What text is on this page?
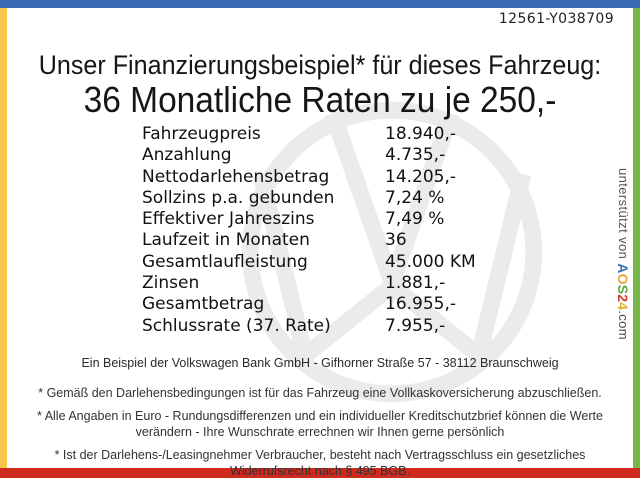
12561-Y038709
Unser Finanzierungsbeispiel* für dieses Fahrzeug:
36 Monatliche Raten zu je 250,-
Fahrzeugpreis	18.940,-
Anzahlung	4.735,-
Nettodarlehensbetrag	14.205,-
Sollzins p.a. gebunden	7,24 %
Effektiver Jahreszins	7,49 %
Laufzeit in Monaten	36
Gesamtlaufleistung	45.000 KM
Zinsen	1.881,-
Gesamtbetrag	16.955,-
Schlussrate (37. Rate)	7.955,-

Ein Beispiel der Volkswagen Bank GmbH - Gifhorner Straße 57 - 38112 Braunschweig

* Gemäß den Darlehensbedingungen ist für das Fahrzeug eine Vollkaskoversicherung abzuschließen.

* Alle Angaben in Euro - Rundungsdifferenzen und ein individueller Kreditschutzbrief können die Werte verändern - Ihre Wunschrate errechnen wir Ihnen gerne persönlich

* Ist der Darlehens-/Leasingnehmer Verbraucher, besteht nach Vertragsschluss ein gesetzliches Widerrufsrecht nach § 495 BGB.

unterstützt von AOS24.com
